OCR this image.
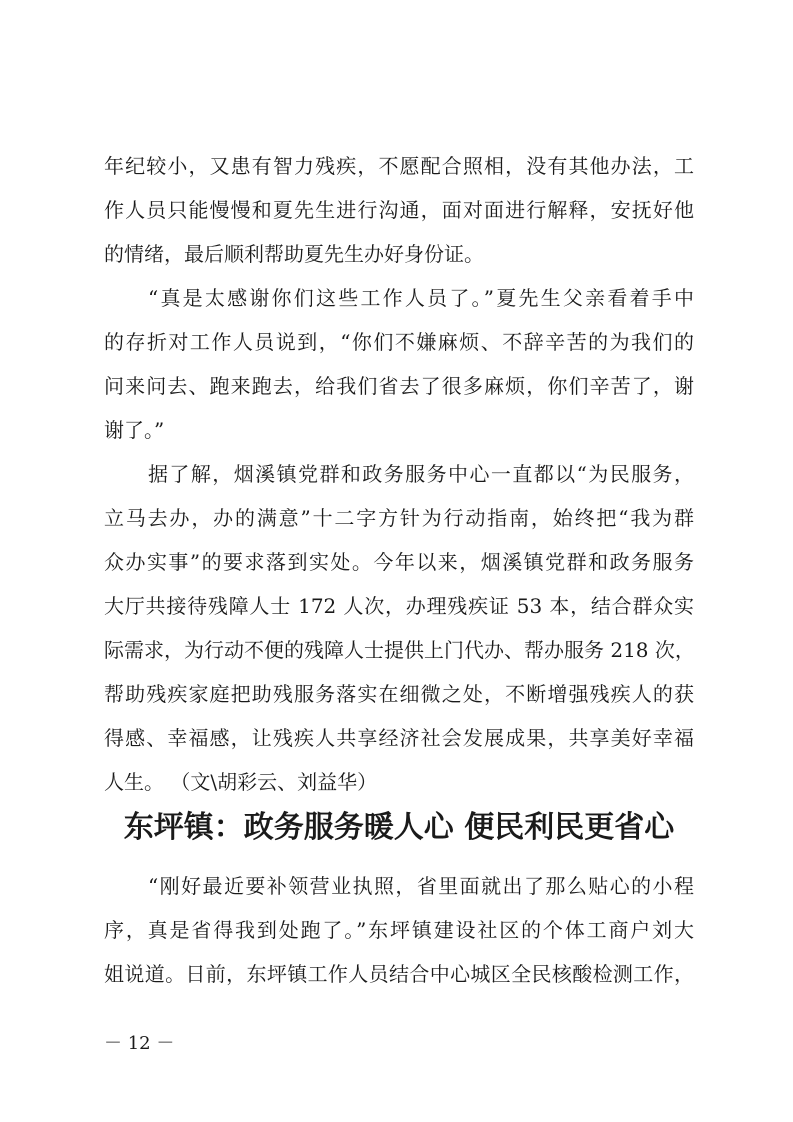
年纪较小，又患有智力残疾，不愿配合照相，没有其他办法，工
作人员只能慢慢和夏先生进行沟通，面对面进行解释，安抚好他
的情绪，最后顺利帮助夏先生办好身份证。
“真是太感谢你们这些工作人员了。”夏先生父亲看着手中
的存折对工作人员说到，“你们不嫌麻烦、不辞辛苦的为我们的
问来问去、跑来跑去，给我们省去了很多麻烦，你们辛苦了，谢
谢了。”
据了解，烟溪镇党群和政务服务中心一直都以“为民服务，
立马去办，办的满意”十二字方针为行动指南，始终把“我为群
众办实事”的要求落到实处。今年以来，烟溪镇党群和政务服务
大厅共接待残障人士 172 人次，办理残疾证 53 本，结合群众实
际需求，为行动不便的残障人士提供上门代办、帮办服务 218 次，
帮助残疾家庭把助残服务落实在细微之处，不断增强残疾人的获
得感、幸福感，让残疾人共享经济社会发展成果，共享美好幸福
人生。 （文\胡彩云、刘益华）
东坪镇：政务服务暖人心 便民利民更省心
“刚好最近要补领营业执照，省里面就出了那么贴心的小程
序，真是省得我到处跑了。”东坪镇建设社区的个体工商户刘大
姐说道。日前，东坪镇工作人员结合中心城区全民核酸检测工作，
－ 12 －
